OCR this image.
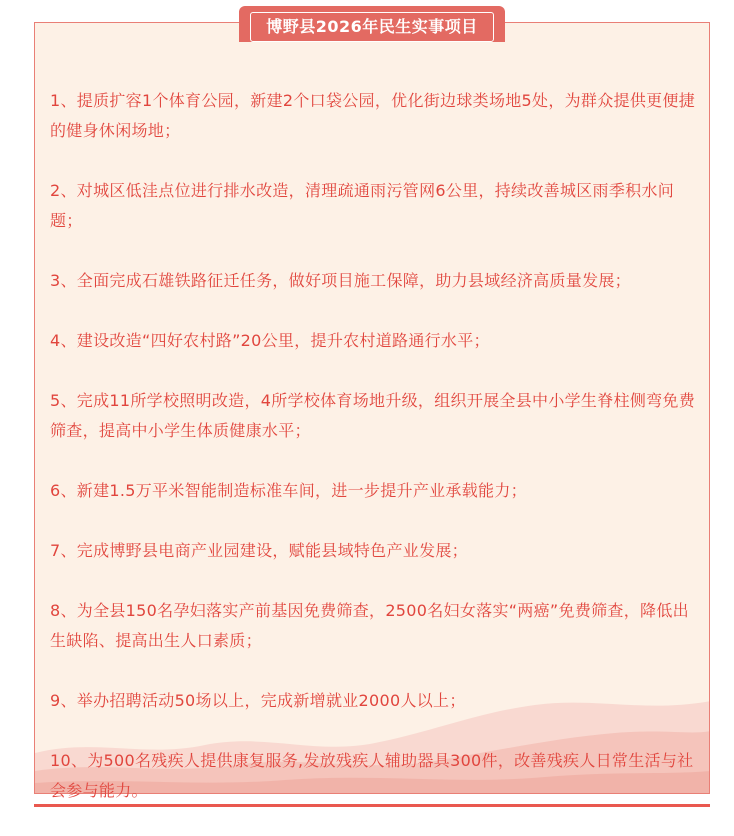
博野县2026年民生实事项目
1、提质扩容1个体育公园，新建2个口袋公园，优化街边球类场地5处，为群众提供更便捷的健身休闲场地；
2、对城区低洼点位进行排水改造，清理疏通雨污管网6公里，持续改善城区雨季积水问题；
3、全面完成石雄铁路征迁任务，做好项目施工保障，助力县域经济高质量发展；
4、建设改造“四好农村路”20公里，提升农村道路通行水平；
5、完成11所学校照明改造，4所学校体育场地升级，组织开展全县中小学生脊柱侧弯免费筛查，提高中小学生体质健康水平；
6、新建1.5万平米智能制造标准车间，进一步提升产业承载能力；
7、完成博野县电商产业园建设，赋能县域特色产业发展；
8、为全县150名孕妇落实产前基因免费筛查，2500名妇女落实“两癌”免费筛查，降低出生缺陷、提高出生人口素质；
9、举办招聘活动50场以上，完成新增就业2000人以上；
10、为500名残疾人提供康复服务,发放残疾人辅助器具300件，改善残疾人日常生活与社会参与能力。
